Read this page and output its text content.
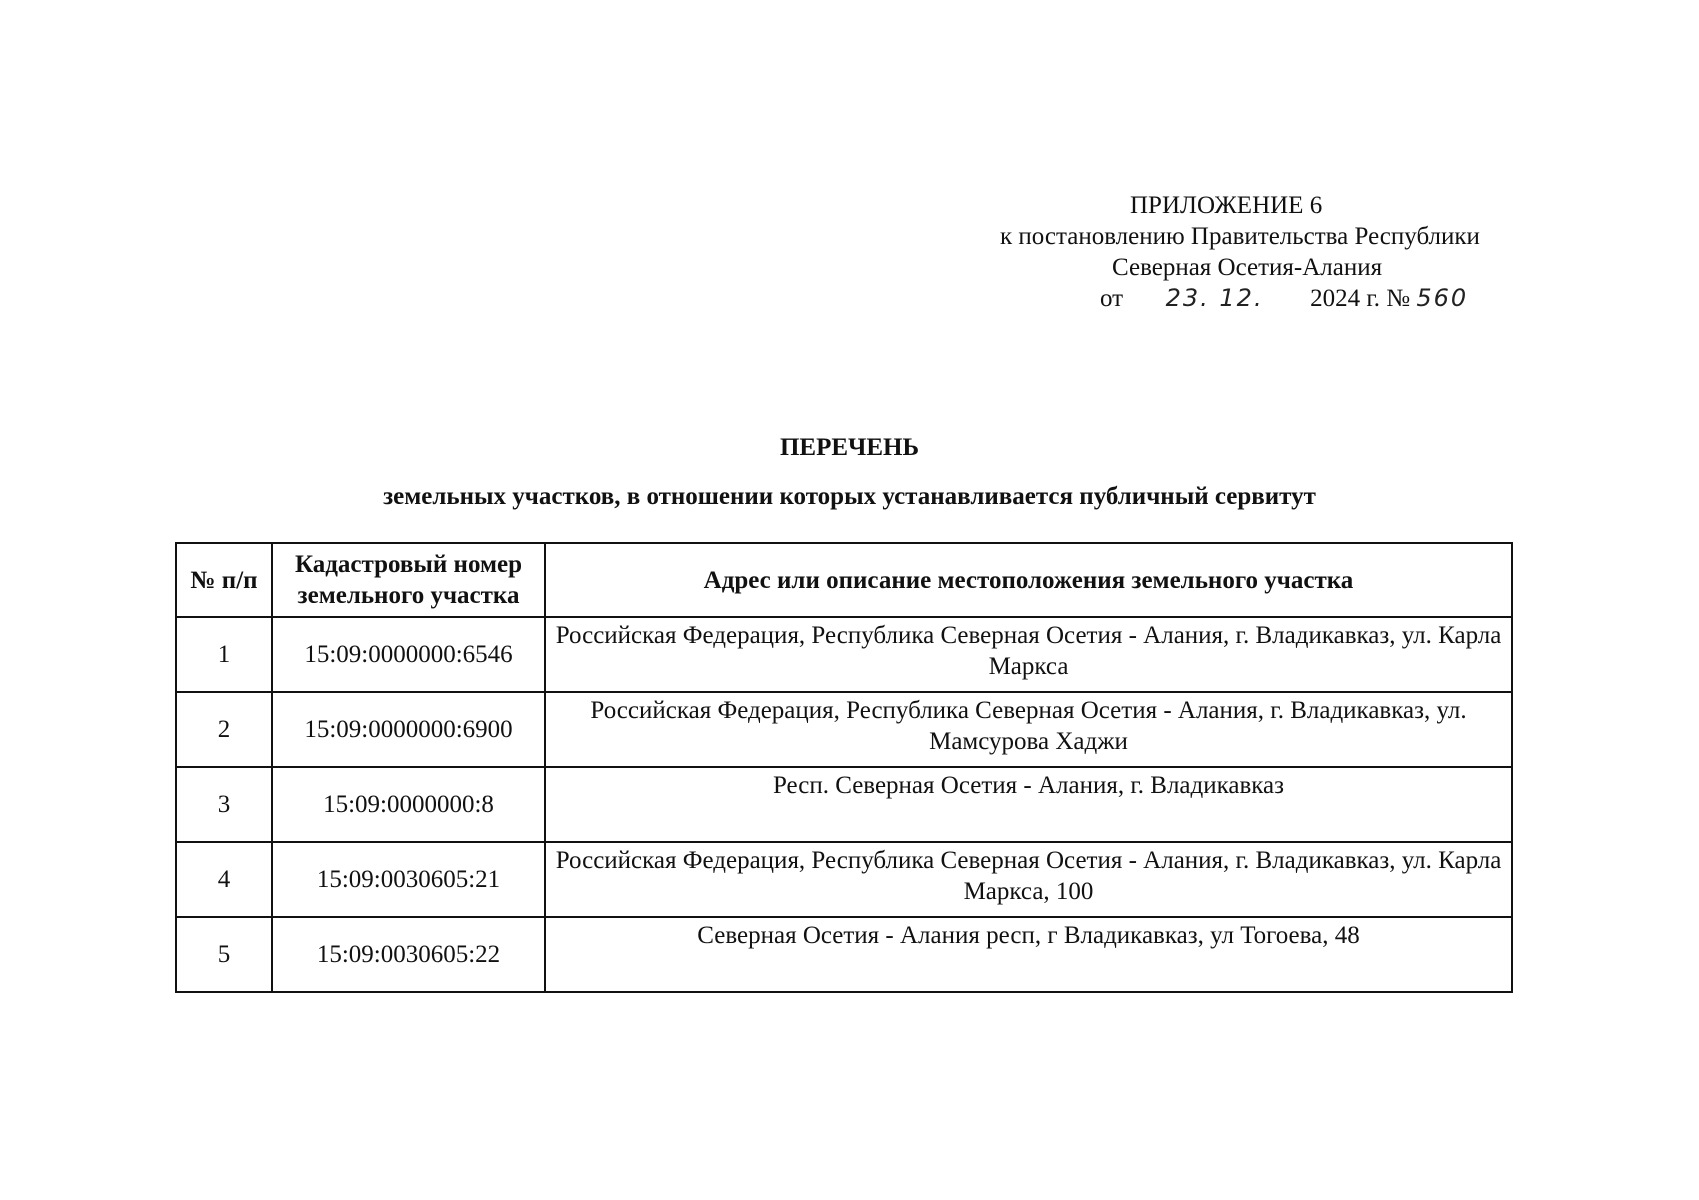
ПРИЛОЖЕНИЕ 6
к постановлению Правительства Республики
Северная Осетия-Алания
от 23. 12. 2024 г. № 560
ПЕРЕЧЕНЬ
земельных участков, в отношении которых устанавливается публичный сервитут
№ п/п	Кадастровый номер земельного участка	Адрес или описание местоположения земельного участка
1	15:09:0000000:6546	Российская Федерация, Республика Северная Осетия - Алания, г. Владикавказ, ул. Карла Маркса
2	15:09:0000000:6900	Российская Федерация, Республика Северная Осетия - Алания, г. Владикавказ, ул. Мамсурова Хаджи
3	15:09:0000000:8	Респ. Северная Осетия - Алания, г. Владикавказ
4	15:09:0030605:21	Российская Федерация, Республика Северная Осетия - Алания, г. Владикавказ, ул. Карла Маркса, 100
5	15:09:0030605:22	Северная Осетия - Алания респ, г Владикавказ, ул Тогоева, 48
